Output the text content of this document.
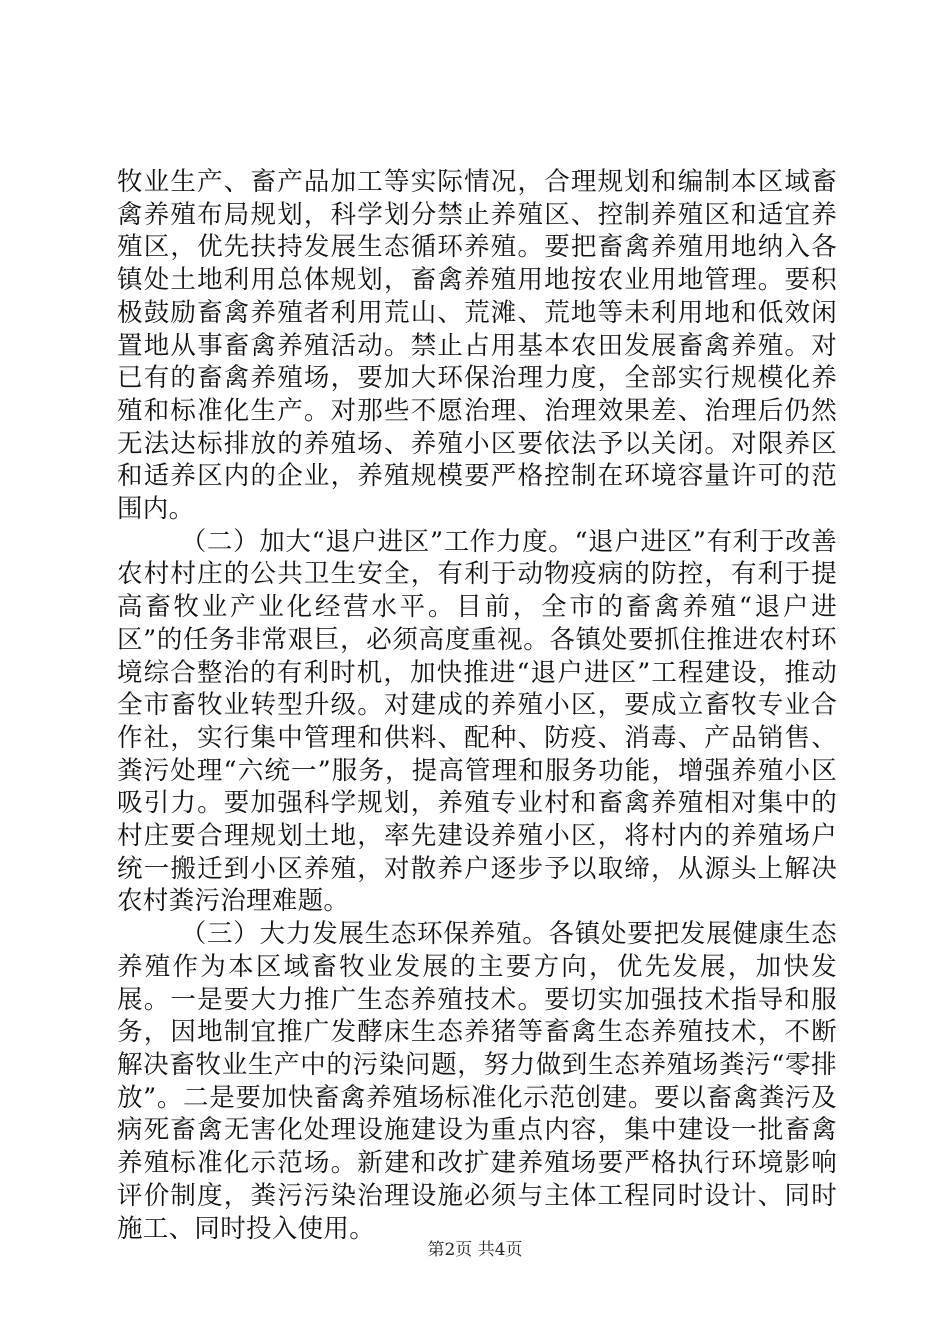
牧业生产、畜产品加工等实际情况，合理规划和编制本区域畜禽养殖布局规划，科学划分禁止养殖区、控制养殖区和适宜养殖区，优先扶持发展生态循环养殖。要把畜禽养殖用地纳入各镇处土地利用总体规划，畜禽养殖用地按农业用地管理。要积极鼓励畜禽养殖者利用荒山、荒滩、荒地等未利用地和低效闲置地从事畜禽养殖活动。禁止占用基本农田发展畜禽养殖。对已有的畜禽养殖场，要加大环保治理力度，全部实行规模化养殖和标准化生产。对那些不愿治理、治理效果差、治理后仍然无法达标排放的养殖场、养殖小区要依法予以关闭。对限养区和适养区内的企业，养殖规模要严格控制在环境容量许可的范围内。

（二）加大“退户进区”工作力度。“退户进区”有利于改善农村村庄的公共卫生安全，有利于动物疫病的防控，有利于提高畜牧业产业化经营水平。目前，全市的畜禽养殖“退户进区”的任务非常艰巨，必须高度重视。各镇处要抓住推进农村环境综合整治的有利时机，加快推进“退户进区”工程建设，推动全市畜牧业转型升级。对建成的养殖小区，要成立畜牧专业合作社，实行集中管理和供料、配种、防疫、消毒、产品销售、粪污处理“六统一”服务，提高管理和服务功能，增强养殖小区吸引力。要加强科学规划，养殖专业村和畜禽养殖相对集中的村庄要合理规划土地，率先建设养殖小区，将村内的养殖场户统一搬迁到小区养殖，对散养户逐步予以取缔，从源头上解决农村粪污治理难题。

（三）大力发展生态环保养殖。各镇处要把发展健康生态养殖作为本区域畜牧业发展的主要方向，优先发展，加快发展。一是要大力推广生态养殖技术。要切实加强技术指导和服务，因地制宜推广发酵床生态养猪等畜禽生态养殖技术，不断解决畜牧业生产中的污染问题，努力做到生态养殖场粪污“零排放”。二是要加快畜禽养殖场标准化示范创建。要以畜禽粪污及病死畜禽无害化处理设施建设为重点内容，集中建设一批畜禽养殖标准化示范场。新建和改扩建养殖场要严格执行环境影响评价制度，粪污污染治理设施必须与主体工程同时设计、同时施工、同时投入使用。

第2页 共4页
